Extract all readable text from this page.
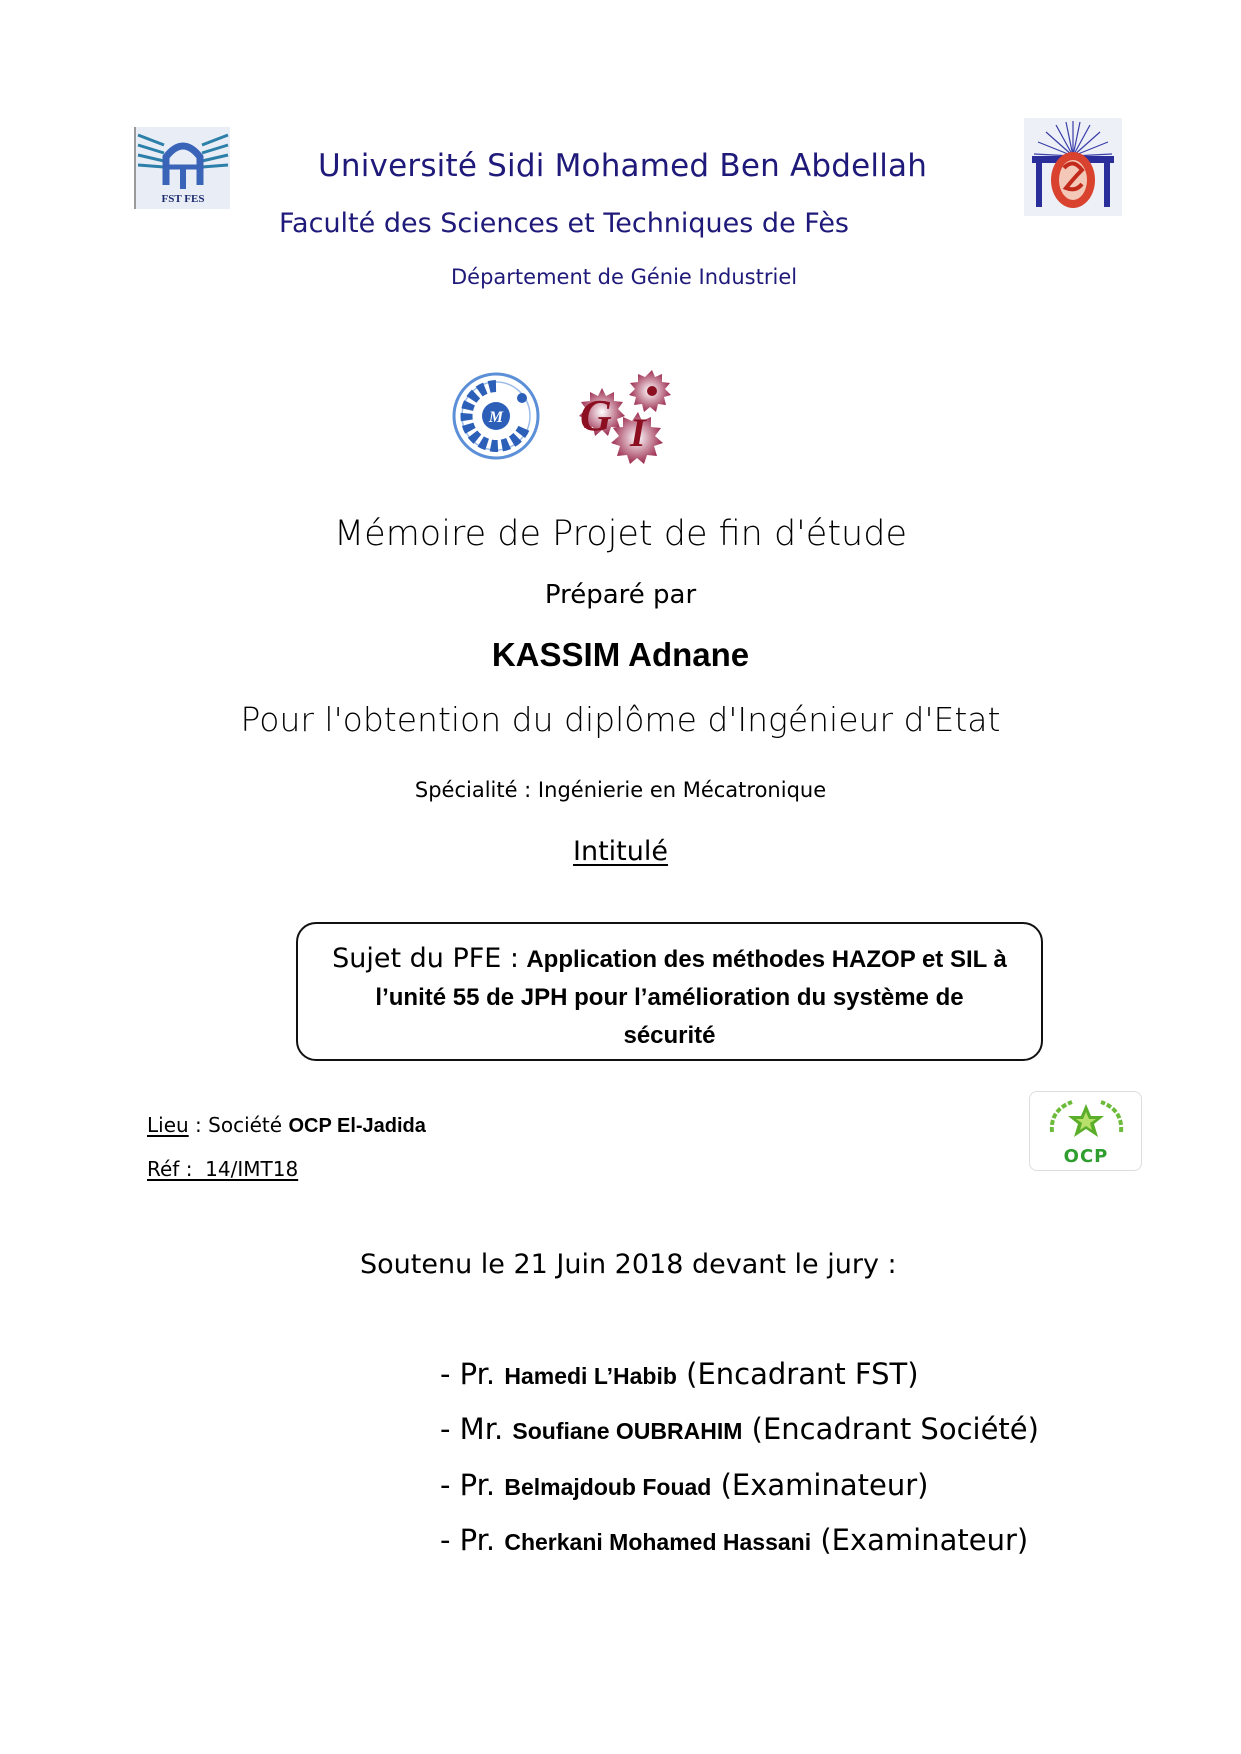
FST FES
Université Sidi Mohamed Ben Abdellah
Faculté des Sciences et Techniques de Fès
Département de Génie Industriel
M G I
Mémoire de Projet de fin d'étude
Préparé par
KASSIM Adnane
Pour l'obtention du diplôme d'Ingénieur d'Etat
Spécialité : Ingénierie en Mécatronique
Intitulé
Sujet du PFE : Application des méthodes HAZOP et SIL à
l’unité 55 de JPH pour l’amélioration du système de
sécurité
Lieu : Société OCP El-Jadida
Réf :  14/IMT18
OCP
Soutenu le 21 Juin 2018 devant le jury :
- Pr. Hamedi L’Habib (Encadrant FST)
- Mr. Soufiane OUBRAHIM (Encadrant Société)
- Pr. Belmajdoub Fouad (Examinateur)
- Pr. Cherkani Mohamed Hassani (Examinateur)
